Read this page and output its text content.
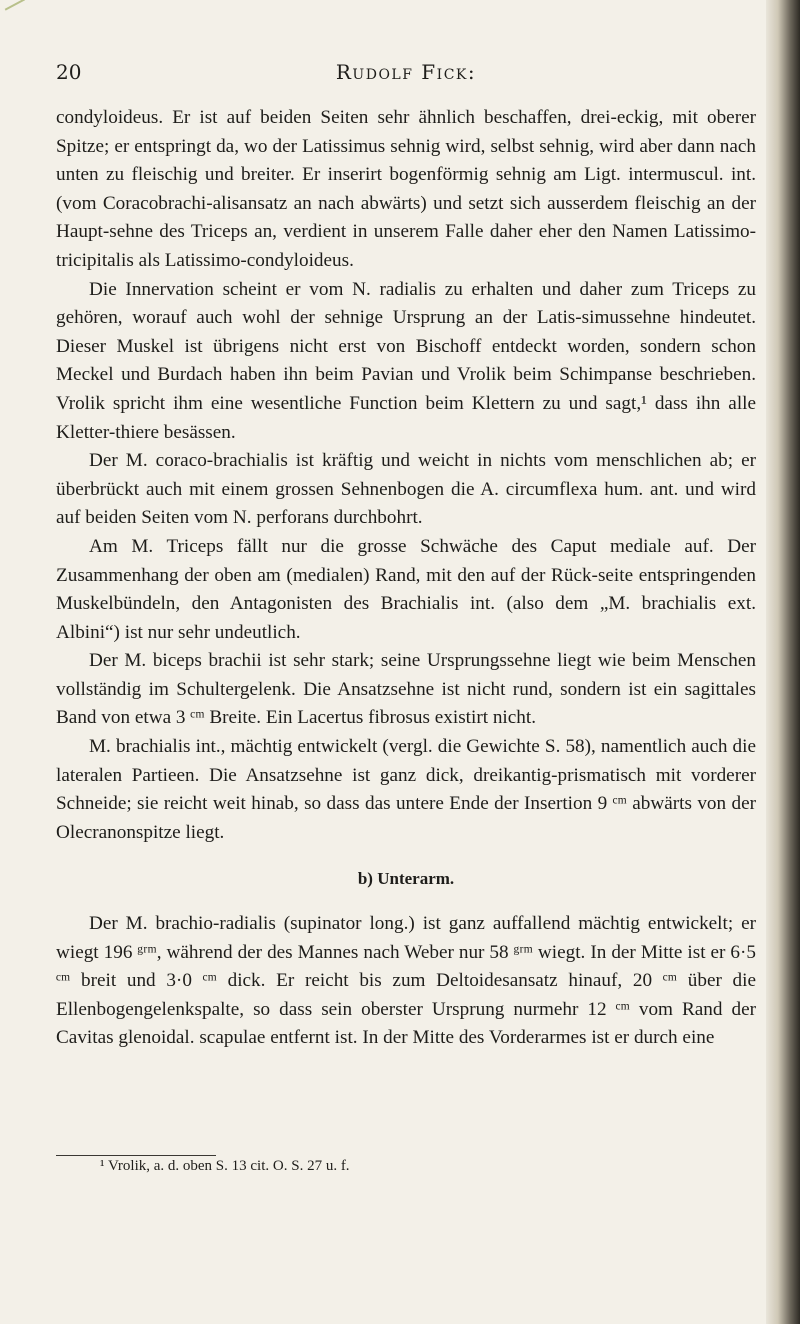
20	Rudolf Fick:

condyloideus. Er ist auf beiden Seiten sehr ähnlich beschaffen, drei-eckig, mit oberer Spitze; er entspringt da, wo der Latissimus sehnig wird, selbst sehnig, wird aber dann nach unten zu fleischig und breiter. Er inserirt bogenförmig sehnig am Ligt. intermuscul. int. (vom Coracobrachi-alisansatz an nach abwärts) und setzt sich ausserdem fleischig an der Haupt-sehne des Triceps an, verdient in unserem Falle daher eher den Namen Latissimo-tricipitalis als Latissimo-condyloideus.

Die Innervation scheint er vom N. radialis zu erhalten und daher zum Triceps zu gehören, worauf auch wohl der sehnige Ursprung an der Latis-simussehne hindeutet. Dieser Muskel ist übrigens nicht erst von Bischoff entdeckt worden, sondern schon Meckel und Burdach haben ihn beim Pavian und Vrolik beim Schimpanse beschrieben. Vrolik spricht ihm eine wesentliche Function beim Klettern zu und sagt,¹ dass ihn alle Kletter-thiere besässen.

Der M. coraco-brachialis ist kräftig und weicht in nichts vom menschlichen ab; er überbrückt auch mit einem grossen Sehnenbogen die A. circumflexa hum. ant. und wird auf beiden Seiten vom N. perforans durchbohrt.

Am M. Triceps fällt nur die grosse Schwäche des Caput mediale auf. Der Zusammenhang der oben am (medialen) Rand, mit den auf der Rück-seite entspringenden Muskelbündeln, den Antagonisten des Brachialis int. (also dem „M. brachialis ext. Albini“) ist nur sehr undeutlich.

Der M. biceps brachii ist sehr stark; seine Ursprungssehne liegt wie beim Menschen vollständig im Schultergelenk. Die Ansatzsehne ist nicht rund, sondern ist ein sagittales Band von etwa 3 ᶜᵐ Breite. Ein Lacertus fibrosus existirt nicht.

M. brachialis int., mächtig entwickelt (vergl. die Gewichte S. 58), namentlich auch die lateralen Partieen. Die Ansatzsehne ist ganz dick, dreikantig-prismatisch mit vorderer Schneide; sie reicht weit hinab, so dass das untere Ende der Insertion 9 ᶜᵐ abwärts von der Olecranonspitze liegt.

b) Unterarm.

Der M. brachio-radialis (supinator long.) ist ganz auffallend mächtig entwickelt; er wiegt 196 ᵍʳᵐ, während der des Mannes nach Weber nur 58 ᵍʳᵐ wiegt. In der Mitte ist er 6·5 ᶜᵐ breit und 3·0 ᶜᵐ dick. Er reicht bis zum Deltoidesansatz hinauf, 20 ᶜᵐ über die Ellenbogengelenkspalte, so dass sein oberster Ursprung nurmehr 12 ᶜᵐ vom Rand der Cavitas glenoidal. scapulae entfernt ist. In der Mitte des Vorderarmes ist er durch eine

¹ Vrolik, a. d. oben S. 13 cit. O. S. 27 u. f.
